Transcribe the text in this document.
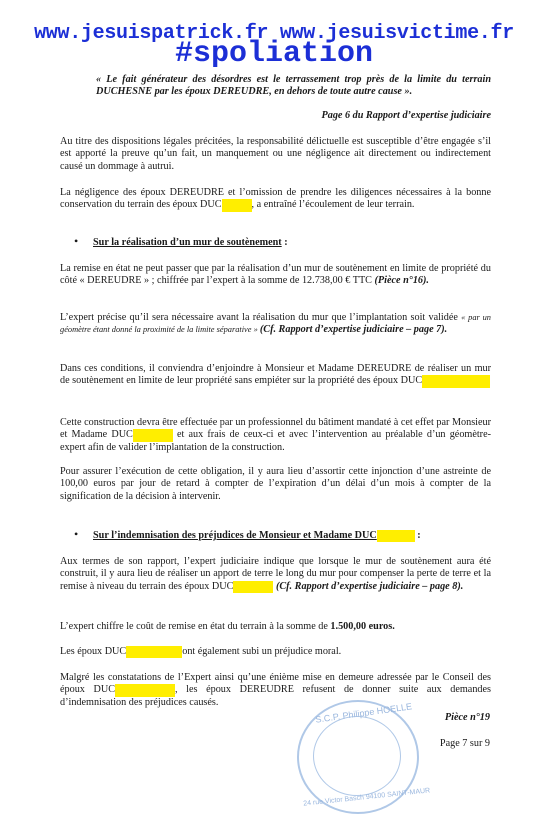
www.jesuispatrick.fr www.jesuisvictime.fr
#spoliation
« Le fait générateur des désordres est le terrassement trop près de la limite du terrain DUCHESNE par les époux DEREUDRE, en dehors de toute autre cause ».
Page 6 du Rapport d’expertise judiciaire
Au titre des dispositions légales précitées, la responsabilité délictuelle est susceptible d’être engagée s’il est apporté la preuve qu’un fait, un manquement ou une négligence ait directement ou indirectement causé un dommage à autrui.
La négligence des époux DEREUDRE et l’omission de prendre les diligences nécessaires à la bonne conservation du terrain des époux DUC	, a entraîné l’écoulement de leur terrain.
• Sur la réalisation d’un mur de soutènement :
La remise en état ne peut passer que par la réalisation d’un mur de soutènement en limite de propriété du côté « DEREUDRE » ; chiffrée par l’expert à la somme de 12.738,00 € TTC (Pièce n°16).
L’expert précise qu’il sera nécessaire avant la réalisation du mur que l’implantation soit validée « par un géomètre étant donné la proximité de la limite séparative » (Cf. Rapport d’expertise judiciaire – page 7).
Dans ces conditions, il conviendra d’enjoindre à Monsieur et Madame DEREUDRE de réaliser un mur de soutènement en limite de leur propriété sans empiéter sur la propriété des époux DUC
Cette construction devra être effectuée par un professionnel du bâtiment mandaté à cet effet par Monsieur et Madame DUC	et aux frais de ceux-ci et avec l’intervention au préalable d’un géomètre-expert afin de valider l’implantation de la construction.
Pour assurer l’exécution de cette obligation, il y aura lieu d’assortir cette injonction d’une astreinte de 100,00 euros par jour de retard à compter de l’expiration d’un délai d’un mois à compter de la signification de la décision à intervenir.
• Sur l’indemnisation des préjudices de Monsieur et Madame DUC	:
Aux termes de son rapport, l’expert judiciaire indique que lorsque le mur de soutènement aura été construit, il y aura lieu de réaliser un apport de terre le long du mur pour compenser la perte de terre et la remise à niveau du terrain des époux DUC	(Cf. Rapport d’expertise judiciaire – page 8).
L’expert chiffre le coût de remise en état du terrain à la somme de 1.500,00 euros.
Les époux DUC	ont également subi un préjudice moral.
Malgré les constatations de l’Expert ainsi qu’une énième mise en demeure adressée par le Conseil des époux DUC	, les époux DEREUDRE refusent de donner suite aux demandes d’indemnisation des préjudices causés.	S.C.P. Philippe HOELLE
24 rue Victor Basch 94100 SAINT-MAUR
Pièce n°19
Page 7 sur 9
